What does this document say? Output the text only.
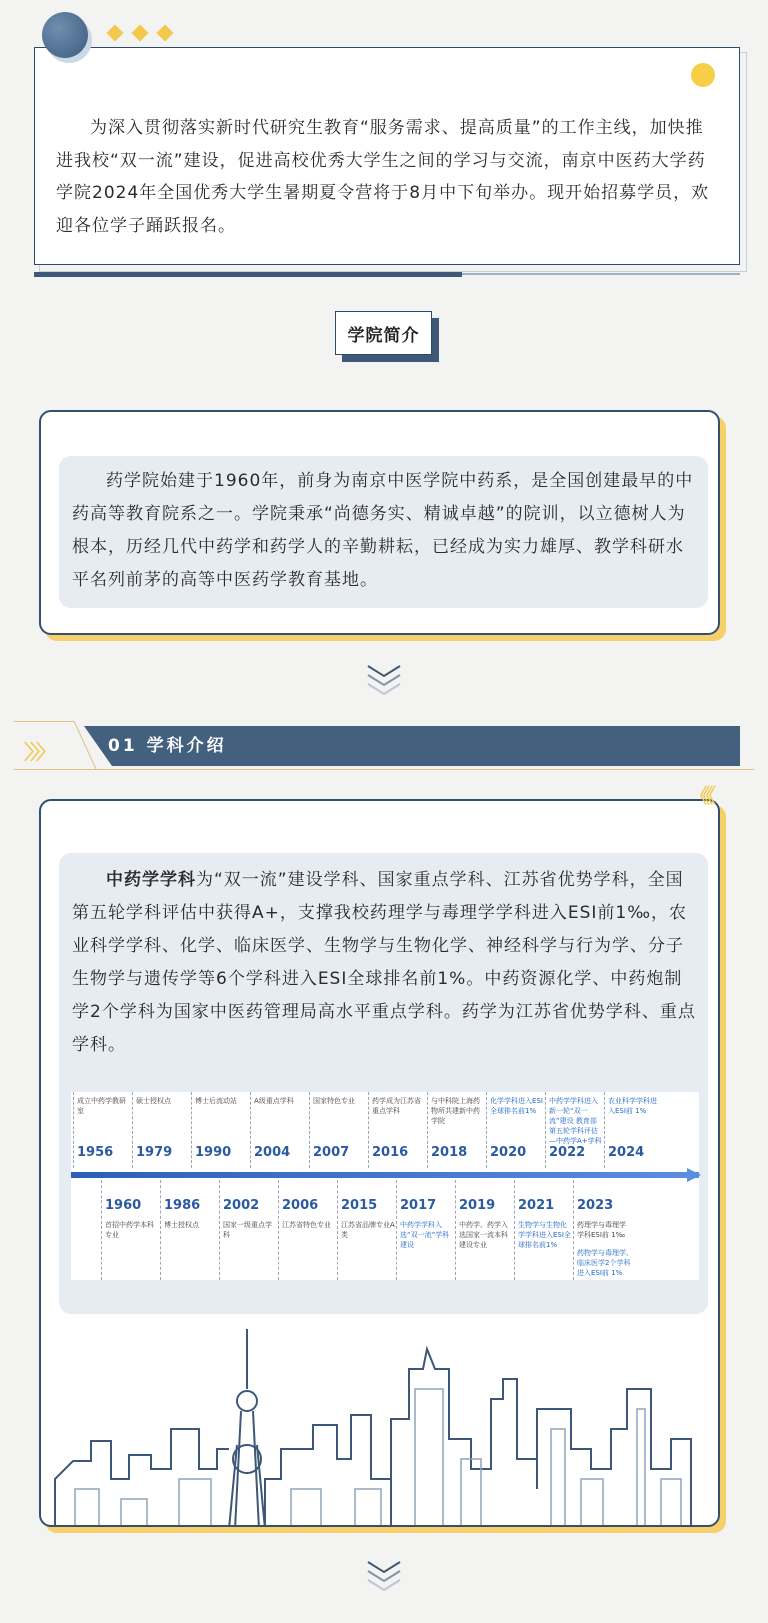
为深入贯彻落实新时代研究生教育“服务需求、提高质量”的工作主线，加快推进我校“双一流”建设，促进高校优秀大学生之间的学习与交流，南京中医药大学药学院2024年全国优秀大学生暑期夏令营将于8月中下旬举办。现开始招募学员，欢迎各位学子踊跃报名。

学院简介

药学院始建于1960年，前身为南京中医学院中药系，是全国创建最早的中药高等教育院系之一。学院秉承“尚德务实、精诚卓越”的院训，以立德树人为根本，历经几代中药学和药学人的辛勤耕耘，已经成为实力雄厚、教学科研水平名列前茅的高等中医药学教育基地。

〉〉〉	01 学科介绍
《《

中药学学科为“双一流”建设学科、国家重点学科、江苏省优势学科，全国第五轮学科评估中获得A+，支撑我校药理学与毒理学学科进入ESI前1‰，农业科学学科、化学、临床医学、生物学与生物化学、神经科学与行为学、分子生物学与遗传学等6个学科进入ESI全球排名前1%。中药资源化学、中药炮制学2个学科为国家中医药管理局高水平重点学科。药学为江苏省优势学科、重点学科。

1956
成立中药学教研室
1979
硕士授权点
1990
博士后流动站
2004
A级重点学科
2007
国家特色专业
2016
药学成为江苏省重点学科
2018
与中科院上海药物所共建新中药学院
2020
化学学科进入ESI全球排名前1%
2022
中药学学科进入新一轮“双一流”建设 教育部第五轮学科评估—中药学A+学科
2024
农业科学学科进入ESI前 1%
1960
首招中药学本科专业
1986
博士授权点
2002
国家一级重点学科
2006
江苏省特色专业
2015
江苏省品牌专业A类
2017
中药学学科入选“双一流”学科建设
2019
中药学、药学入选国家一流本科建设专业
2021
生物学与生物化学学科进入ESI全球排名前1%
2023
药理学与毒理学学科ESI前 1‰
药物学与毒理学、临床医学2个学科进入ESI前 1%
